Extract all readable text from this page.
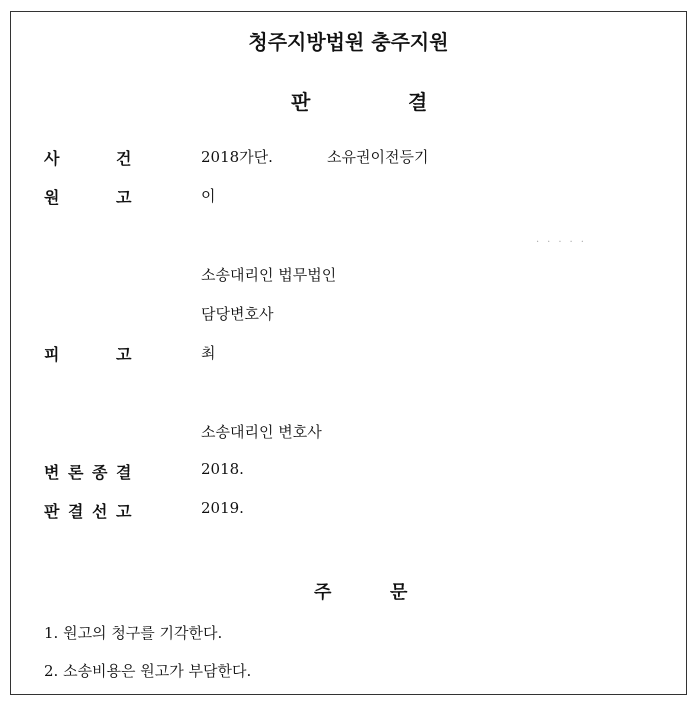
청주지방법원 충주지원
판	결
사	건	2018가단.	소유권이전등기
원	고	이
.....
소송대리인 법무법인
담당변호사
피	고	최
소송대리인 변호사
변 론 종 결	2018.
판 결 선 고	2019.
주	문
1. 원고의 청구를 기각한다.
2. 소송비용은 원고가 부담한다.
